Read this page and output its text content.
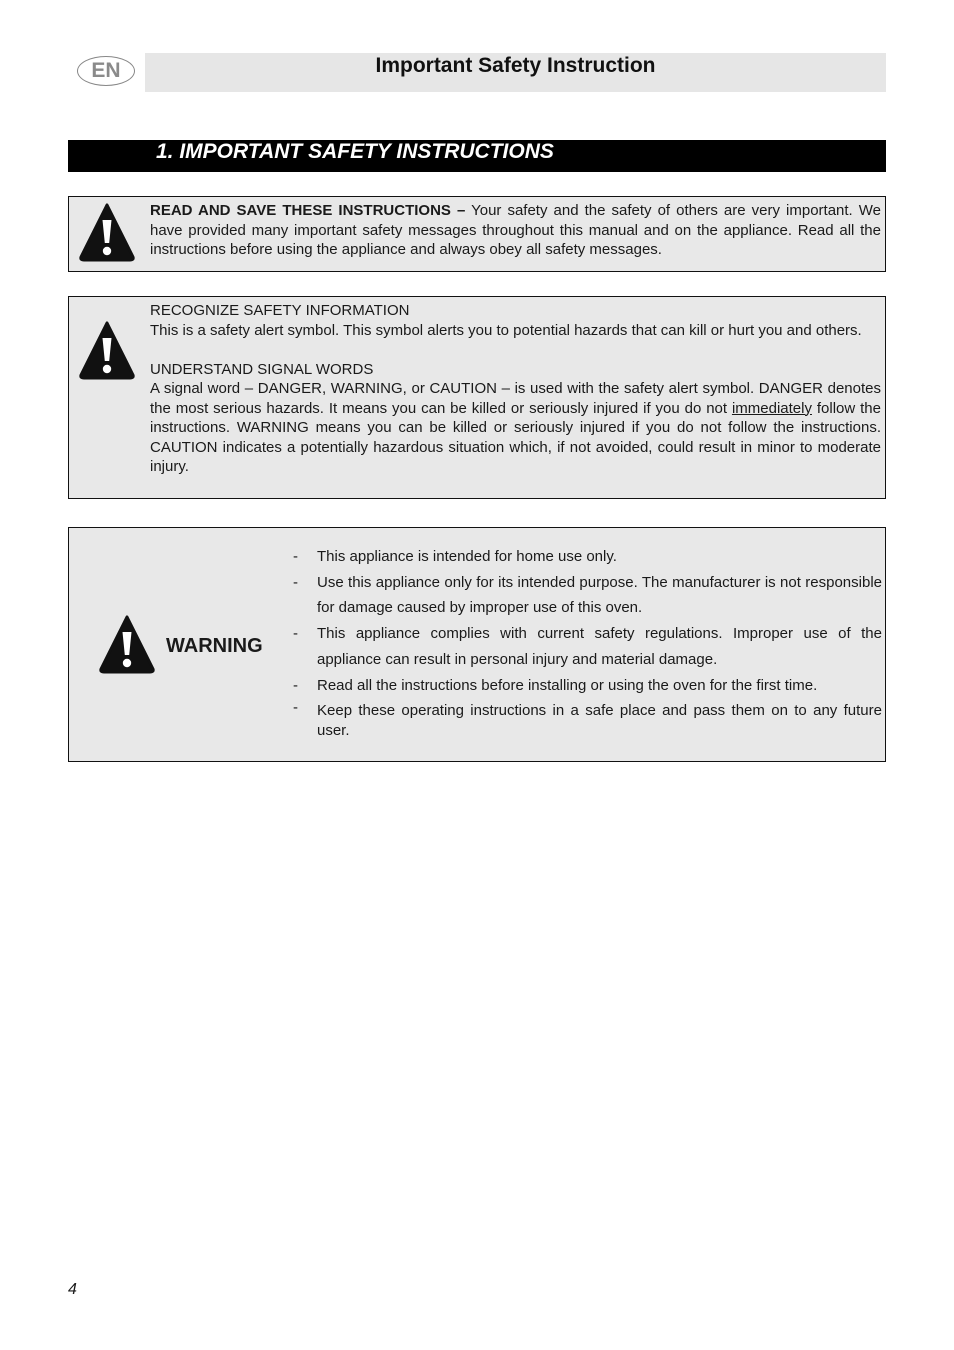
EN	Important Safety Instruction
1. IMPORTANT SAFETY INSTRUCTIONS

READ AND SAVE THESE INSTRUCTIONS – Your safety and the safety of others are very important. We have provided many important safety messages throughout this manual and on the appliance. Read all the instructions before using the appliance and always obey all safety messages.

RECOGNIZE SAFETY INFORMATION

This is a safety alert symbol. This symbol alerts you to potential hazards that can kill or hurt you and others.

UNDERSTAND SIGNAL WORDS

A signal word – DANGER, WARNING, or CAUTION – is used with the safety alert symbol. DANGER denotes the most serious hazards. It means you can be killed or seriously injured if you do not immediately follow the instructions. WARNING means you can be killed or seriously injured if you do not follow the instructions. CAUTION indicates a potentially hazardous situation which, if not avoided, could result in minor to moderate injury.

WARNING
- This appliance is intended for home use only.
- Use this appliance only for its intended purpose. The manufacturer is not responsible for damage caused by improper use of this oven.
- This appliance complies with current safety regulations. Improper use of the appliance can result in personal injury and material damage.
- Read all the instructions before installing or using the oven for the first time.
- Keep these operating instructions in a safe place and pass them on to any future user.
4
